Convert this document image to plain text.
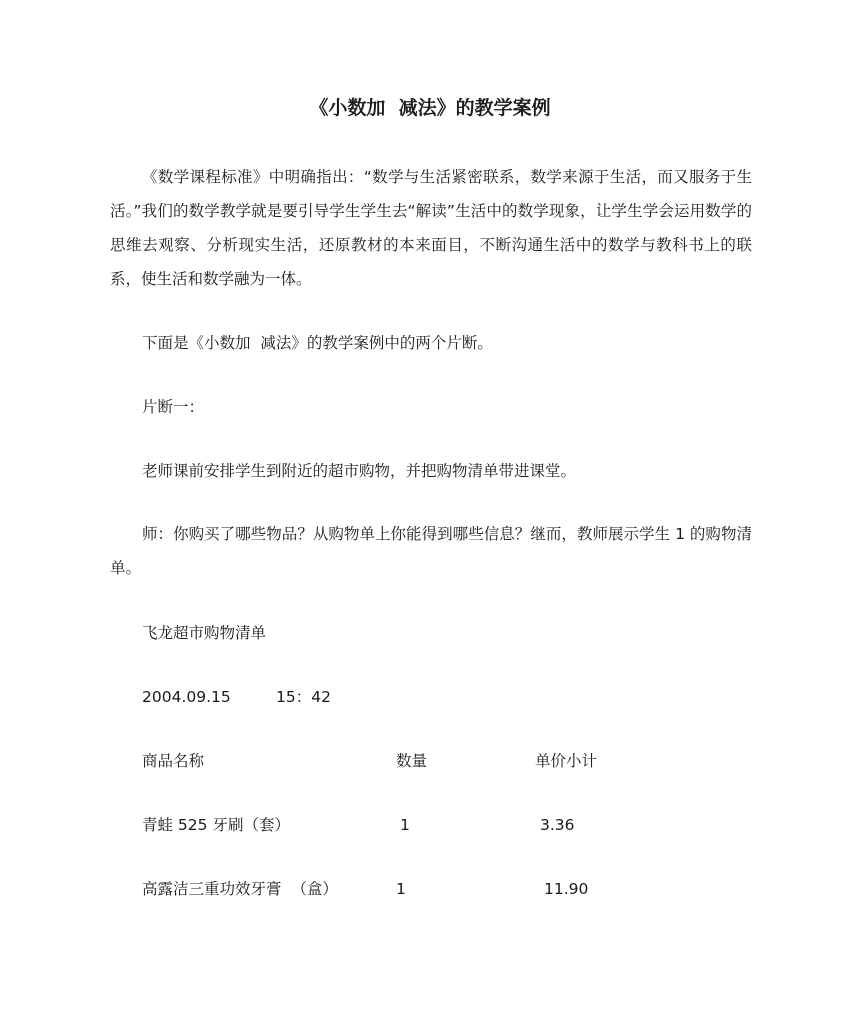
《小数加  减法》的教学案例

《数学课程标准》中明确指出：“数学与生活紧密联系，数学来源于生活，而又服务于生活。”我们的数学教学就是要引导学生学生去“解读”生活中的数学现象，让学生学会运用数学的思维去观察、分析现实生活，还原教材的本来面目，不断沟通生活中的数学与教科书上的联系，使生活和数学融为一体。

下面是《小数加  减法》的教学案例中的两个片断。

片断一：

老师课前安排学生到附近的超市购物，并把购物清单带进课堂。

师：你购买了哪些物品？从购物单上你能得到哪些信息？继而，教师展示学生 1 的购物清单。

飞龙超市购物清单

2004.09.15	15：42
商品名称	数量	单价小计
青蛙 525 牙刷（套）	1	3.36
高露洁三重功效牙膏  （盒）	1	11.90
